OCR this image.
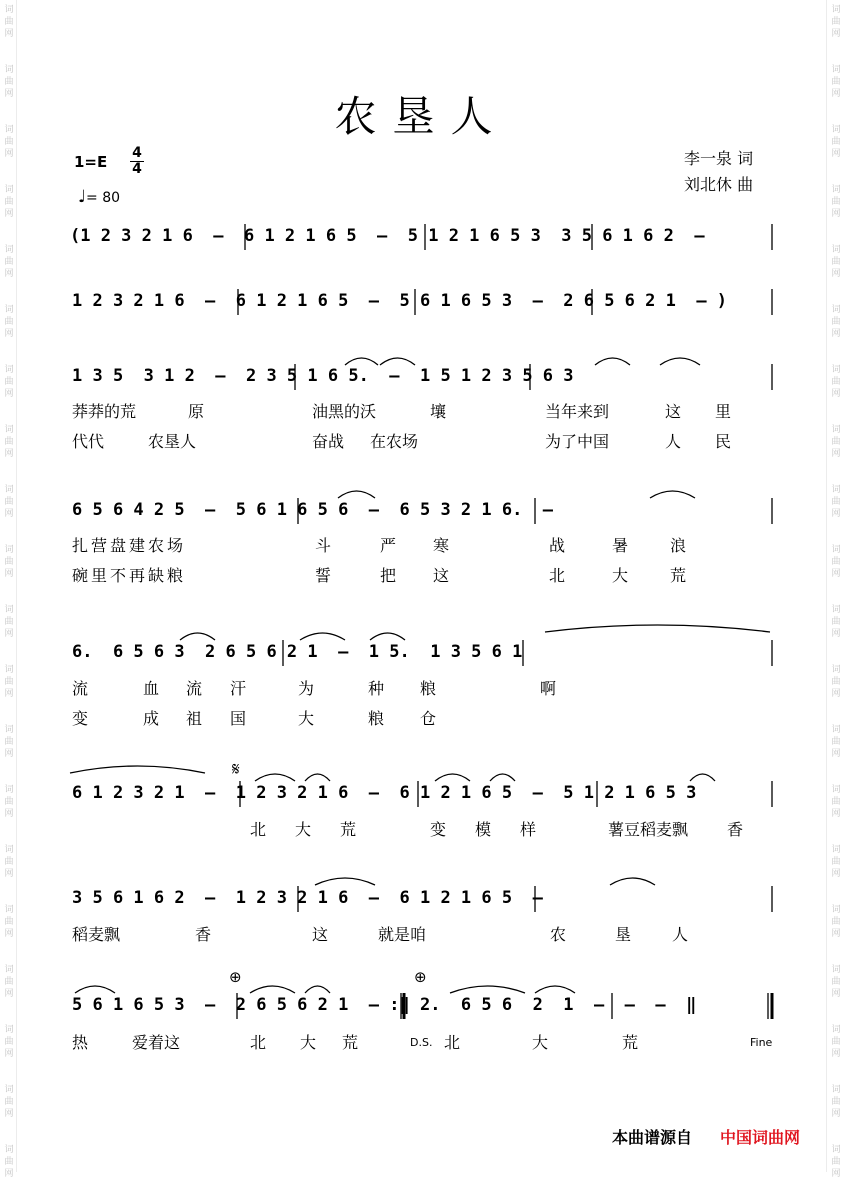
词
曲
网
词
曲
网
词
曲
网
词
曲
网
词
曲
网
词
曲
网
词
曲
网
词
曲
网
词
曲
网
词
曲
网
词
曲
网
词
曲
网
词
曲
网
词
曲
网
词
曲
网
词
曲
网
词
曲
网
词
曲
网
词
曲
网
词
曲
网
词
曲
网
词
曲
网
词
曲
网
词
曲
网
词
曲
网
词
曲
网
词
曲
网
词
曲
网
词
曲
网
词
曲
网
词
曲
网
词
曲
网
词
曲
网
词
曲
网
词
曲
网
词
曲
网
词
曲
网
词
曲
网
词
曲
网
词
曲
网
农垦人
1=E 4
4
♩= 80
李一泉 词
刘北休 曲
(1 2 3 2 1 6  –  6 1 2 1 6 5  –  5 1 2 1 6 5 3  3 5 6 1 6 2  –
1 2 3 2 1 6  –  6 1 2 1 6 5  –  5 6 1 6 5 3  –  2 6 5 6 2 1  – )
1 3 5  3 1 2  –  2 3 5 1 6 5.  –  1 5 1 2 3 5 6 3
6 5 6 4 2 5  –  5 6 1 6 5 6  –  6 5 3 2 1 6.  –
6.  6 5 6 3  2 6 5 6 2 1  –  1 5.  1 3 5 6 1
6 1 2 3 2 1  –  1 2 3 2 1 6  –  6 1 2 1 6 5  –  5 1 2 1 6 5 3
3 5 6 1 6 2  –  1 2 3 2 1 6  –  6 1 2 1 6 5  –
5 6 1 6 5 3  –  2 6 5 6 2 1  – :‖ 2.  6 5 6  2  1  –  –  –  ‖
莽莽的荒	原	油黑的沃	壤	当年来到	这 里
代代	农垦人	奋战 在农场	为了中国	人 民
扎营盘建农场	斗	严 寒	战	暑	浪
碗里不再缺粮	誓	把 这	北	大	荒
流	血 流 汗	为	种 粮	啊
变	成 祖 国	大	粮 仓
北 大 荒	变 模 样	薯豆稻麦飘 香
稻麦飘	香	这	就是咱	农	垦	人
热	爱着这	北 大 荒	北	大	荒
𝄋
⊕	⊕
D.S.	Fine
本曲谱源自 中国词曲网
